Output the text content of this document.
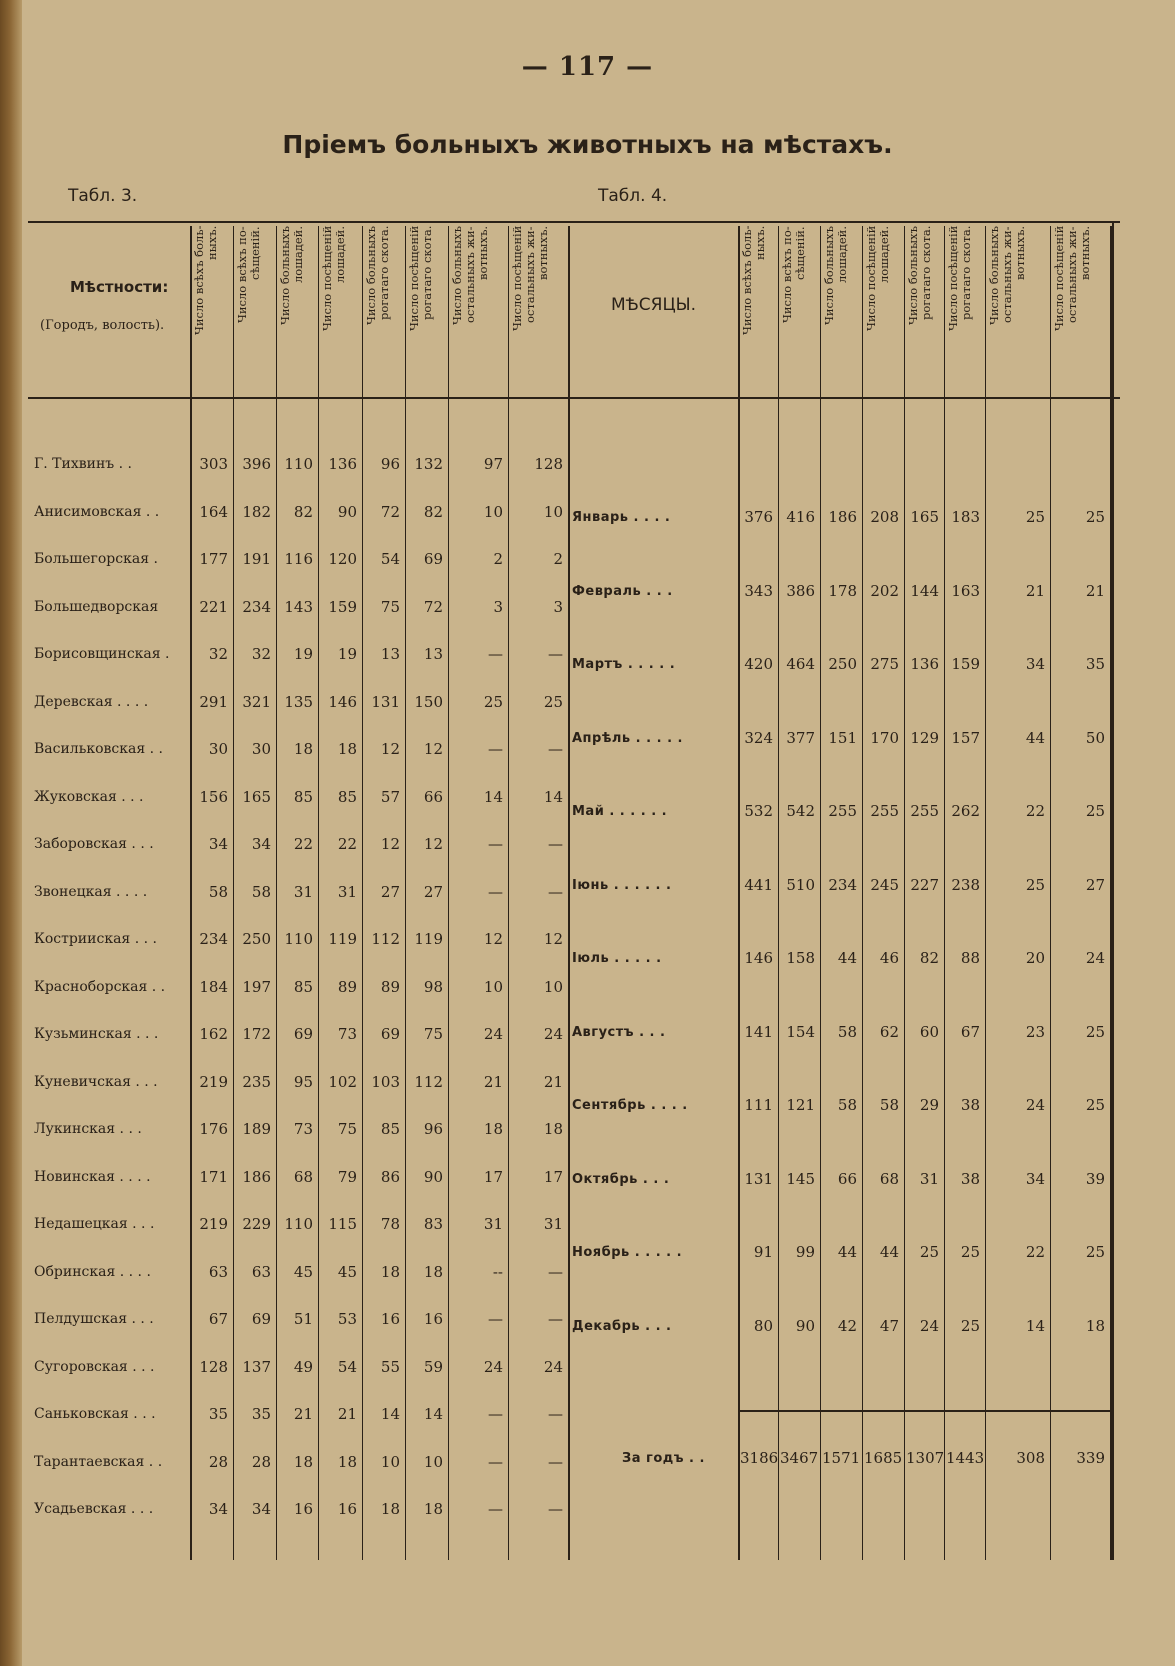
— 117 —
Пріемъ больныхъ животныхъ на мѣстахъ.
Табл. 3.	Табл. 4.
Мѣстности:
(Городъ, волость). Число всѣхъ боль-
ныхъ.
Число всѣхъ по-
сѣщеній.
Число больныхъ
лошадей.
Число посѣщеній
лошадей.
Число больныхъ
рогатаго скота.
Число посѣщеній
рогатаго скота.
Число больныхъ
остальныхъ жи-
вотныхъ.
Число посѣщеній
остальныхъ жи-
вотныхъ.
Г. Тихвинъ . .	303 396 110	136	96 132	97	128
Анисимовская . .	164 182	82	90	72	82	10	10
Большегорская .	177 191 116	120	54	69	2	2
Большедворская	221 234 143	159	75	72	3	3
Борисовщинская .	32	32	19	19	13	13	—	—
Деревская . . . .	291 321 135	146 131 150	25	25
Васильковская . .	30	30	18	18	12	12	—	—
Жуковская . . .	156 165	85	85	57	66	14	14
Заборовская . . .	34	34	22	22	12	12	—	—
Звонецкая . . . .	58	58	31	31	27	27	—	—
Кострииская . . .	234 250 110	119 112 119	12	12
Красноборская . .	184 197	85	89	89	98	10	10
Кузьминская . . .	162 172	69	73	69	75	24	24
Куневичская . . .	219 235	95	102 103 112	21	21
Лукинская . . .	176 189	73	75	85	96	18	18
Новинская . . . .	171 186	68	79	86	90	17	17
Недашецкая . . .	219 229 110	115	78	83	31	31
Обринская . . . .	63	63	45	45	18	18	--	—
Пелдушская . . .	67	69	51	53	16	16	—	—
Сугоровская . . .	128 137	49	54	55	59	24	24
Саньковская . . .	35	35	21	21	14	14	—	—
Тарантаевская . .	28	28	18	18	10	10	—	—
Усадьевская . . .	34	34	16	16	18	18	—	—
МѢСЯЦЫ.	Число всѣхъ боль-
ныхъ.
Число всѣхъ по-
сѣщеній.
Число больныхъ
лошадей.
Число посѣщеній
лошадей.
Число больныхъ
рогатаго скота.
Число посѣщеній
рогатаго скота.
Число больныхъ
остальныхъ жи-
вотныхъ.
Число посѣщеній
остальныхъ жи-
вотныхъ.
Январь . . . .	376 416 186 208 165 183	25	25
Февраль . . .	343 386 178 202 144 163	21	21
Мартъ . . . . .	420 464 250 275 136 159	34	35
Апрѣль . . . . .	324 377 151 170 129 157	44	50
Май . . . . . .	532 542 255 255 255 262	22	25
Іюнь . . . . . .	441 510 234 245 227 238	25	27
Іюль . . . . .	146 158	44	46	82	88	20	24
Августъ . . .	141 154	58	62	60	67	23	25
Сентябрь . . . .	111 121	58	58	29	38	24	25
Октябрь . . .	131 145	66	68	31	38	34	39
Ноябрь . . . . .	91	99	44	44	25	25	22	25
Декабрь . . .	80	90	42	47	24	25	14	18
За годъ . .	3186 3467 1571 1685 1307 1443	308	339
